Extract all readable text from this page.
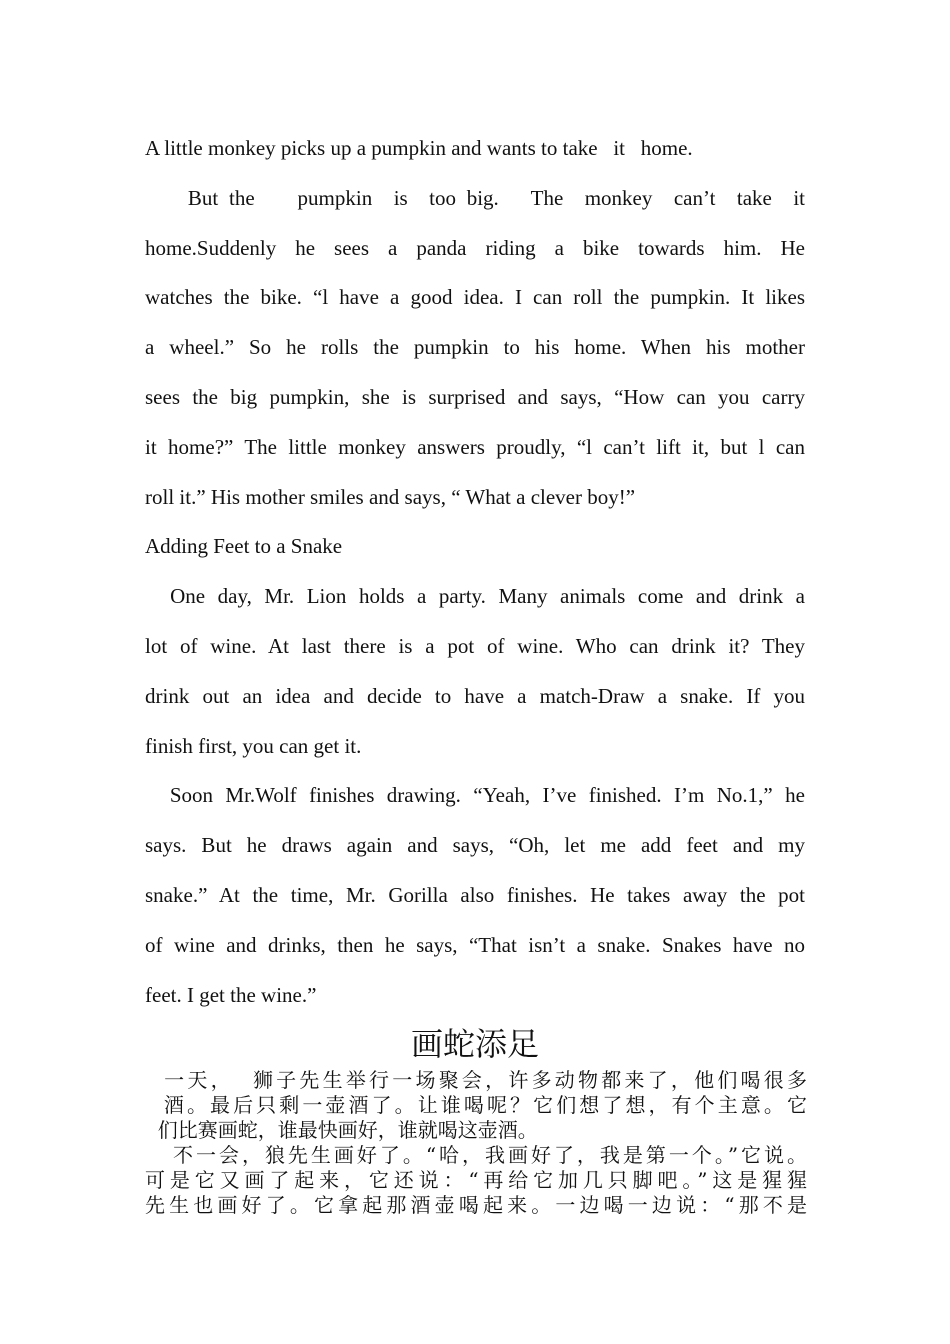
A little monkey picks up a pumpkin and wants to take   it   home.
But the    pumpkin  is  too big.   The  monkey  can’t  take  it
home.Suddenly he sees a panda riding a bike towards him. He
watches the bike. “l have a good idea. I can roll the pumpkin. It likes
a wheel.” So he rolls the pumpkin to his home. When his mother
sees the big pumpkin, she is surprised and says, “How can you carry
it home?” The little monkey answers proudly, “l can’t lift it, but l can
roll it.” His mother smiles and says, “ What a clever boy!”
Adding Feet to a Snake
One day, Mr. Lion holds a party. Many animals come and drink a
lot of wine. At last there is a pot of wine. Who can drink it? They
drink out an idea and decide to have a match-Draw a snake. If you
finish first, you can get it.
Soon Mr.Wolf finishes drawing. “Yeah, I’ve finished. I’m No.1,” he
says. But he draws again and says, “Oh, let me add feet and my
snake.” At the time, Mr. Gorilla also finishes. He takes away the pot
of wine and drinks, then he says, “That isn’t a snake. Snakes have no
feet. I get the wine.”
画蛇添足
一天，  狮子先生举行一场聚会，许多动物都来了，他们喝很多
酒。最后只剩一壶酒了。让谁喝呢？它们想了想，有个主意。它
们比赛画蛇，谁最快画好，谁就喝这壶酒。
不一会，狼先生画好了。“哈，我画好了，我是第一个。”它说。
可是它又画了起来，它还说：“再给它加几只脚吧。”这是猩猩
先生也画好了。它拿起那酒壶喝起来。一边喝一边说：“那不是
